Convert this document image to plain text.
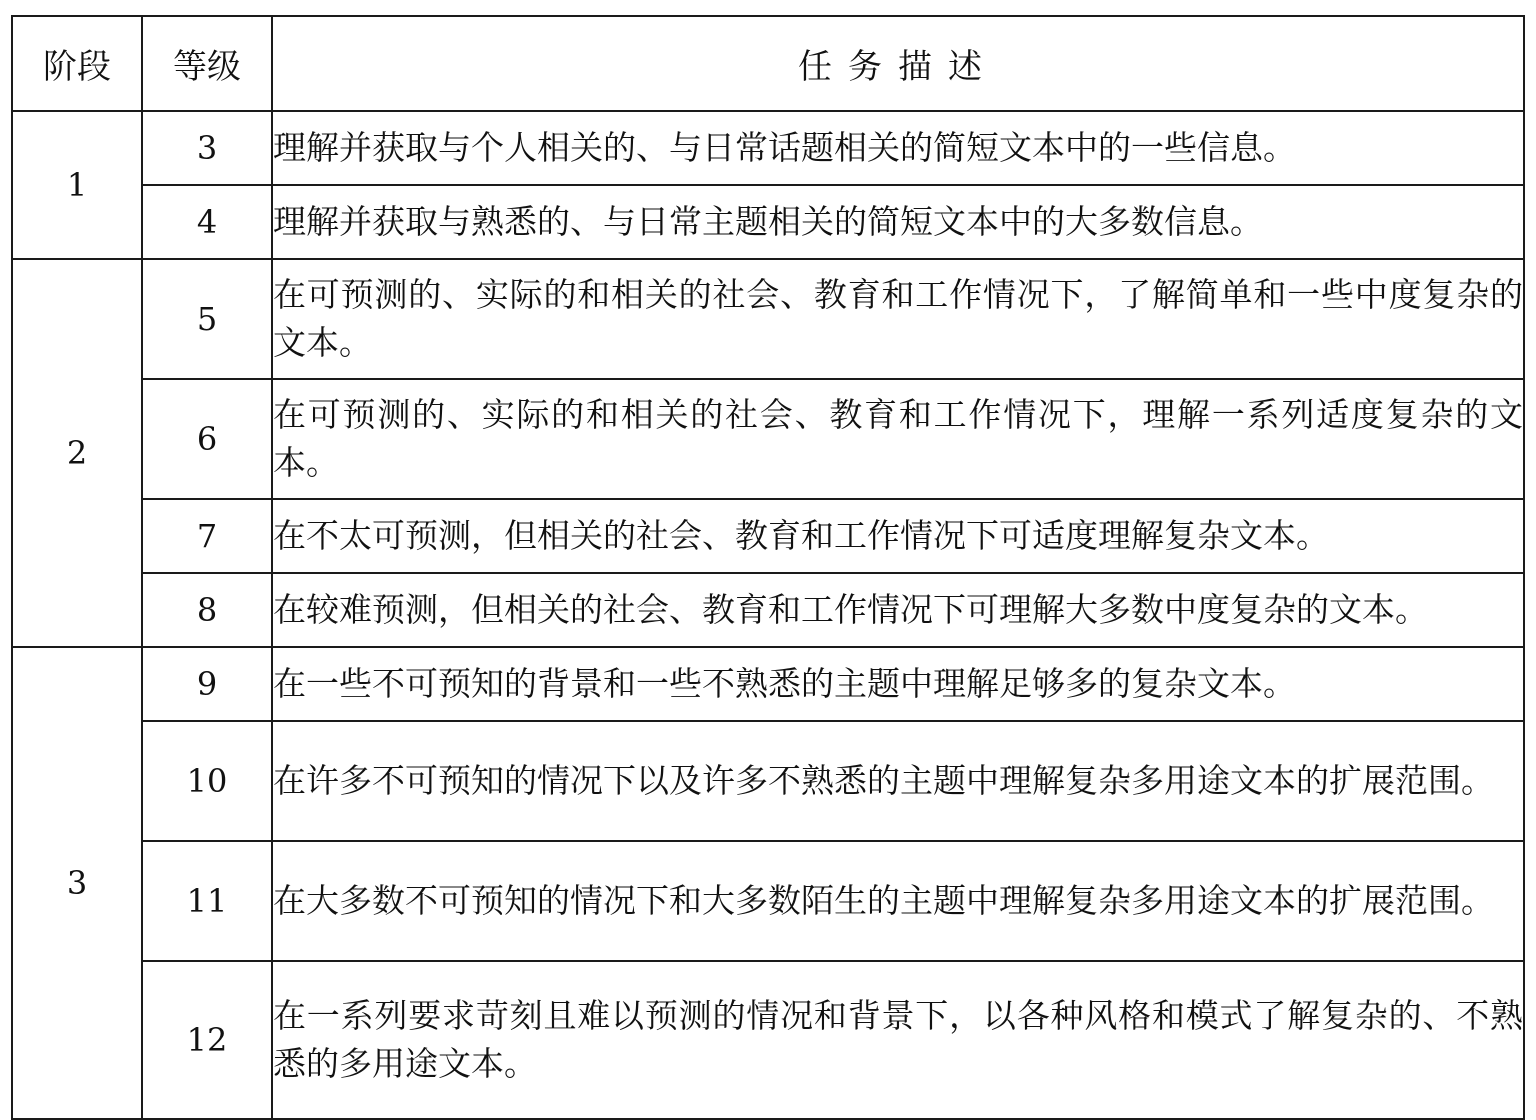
阶段	等级	任务描述
1	3	理解并获取与个人相关的、与日常话题相关的简短文本中的一些信息。
	4	理解并获取与熟悉的、与日常主题相关的简短文本中的大多数信息。
2	5	在可预测的、实际的和相关的社会、教育和工作情况下，了解简单和一些中度复杂的文本。
	6	在可预测的、实际的和相关的社会、教育和工作情况下，理解一系列适度复杂的文本。
	7	在不太可预测，但相关的社会、教育和工作情况下可适度理解复杂文本。
	8	在较难预测，但相关的社会、教育和工作情况下可理解大多数中度复杂的文本。
3	9	在一些不可预知的背景和一些不熟悉的主题中理解足够多的复杂文本。
	10	在许多不可预知的情况下以及许多不熟悉的主题中理解复杂多用途文本的扩展范围。
	11	在大多数不可预知的情况下和大多数陌生的主题中理解复杂多用途文本的扩展范围。
	12	在一系列要求苛刻且难以预测的情况和背景下，以各种风格和模式了解复杂的、不熟悉的多用途文本。
